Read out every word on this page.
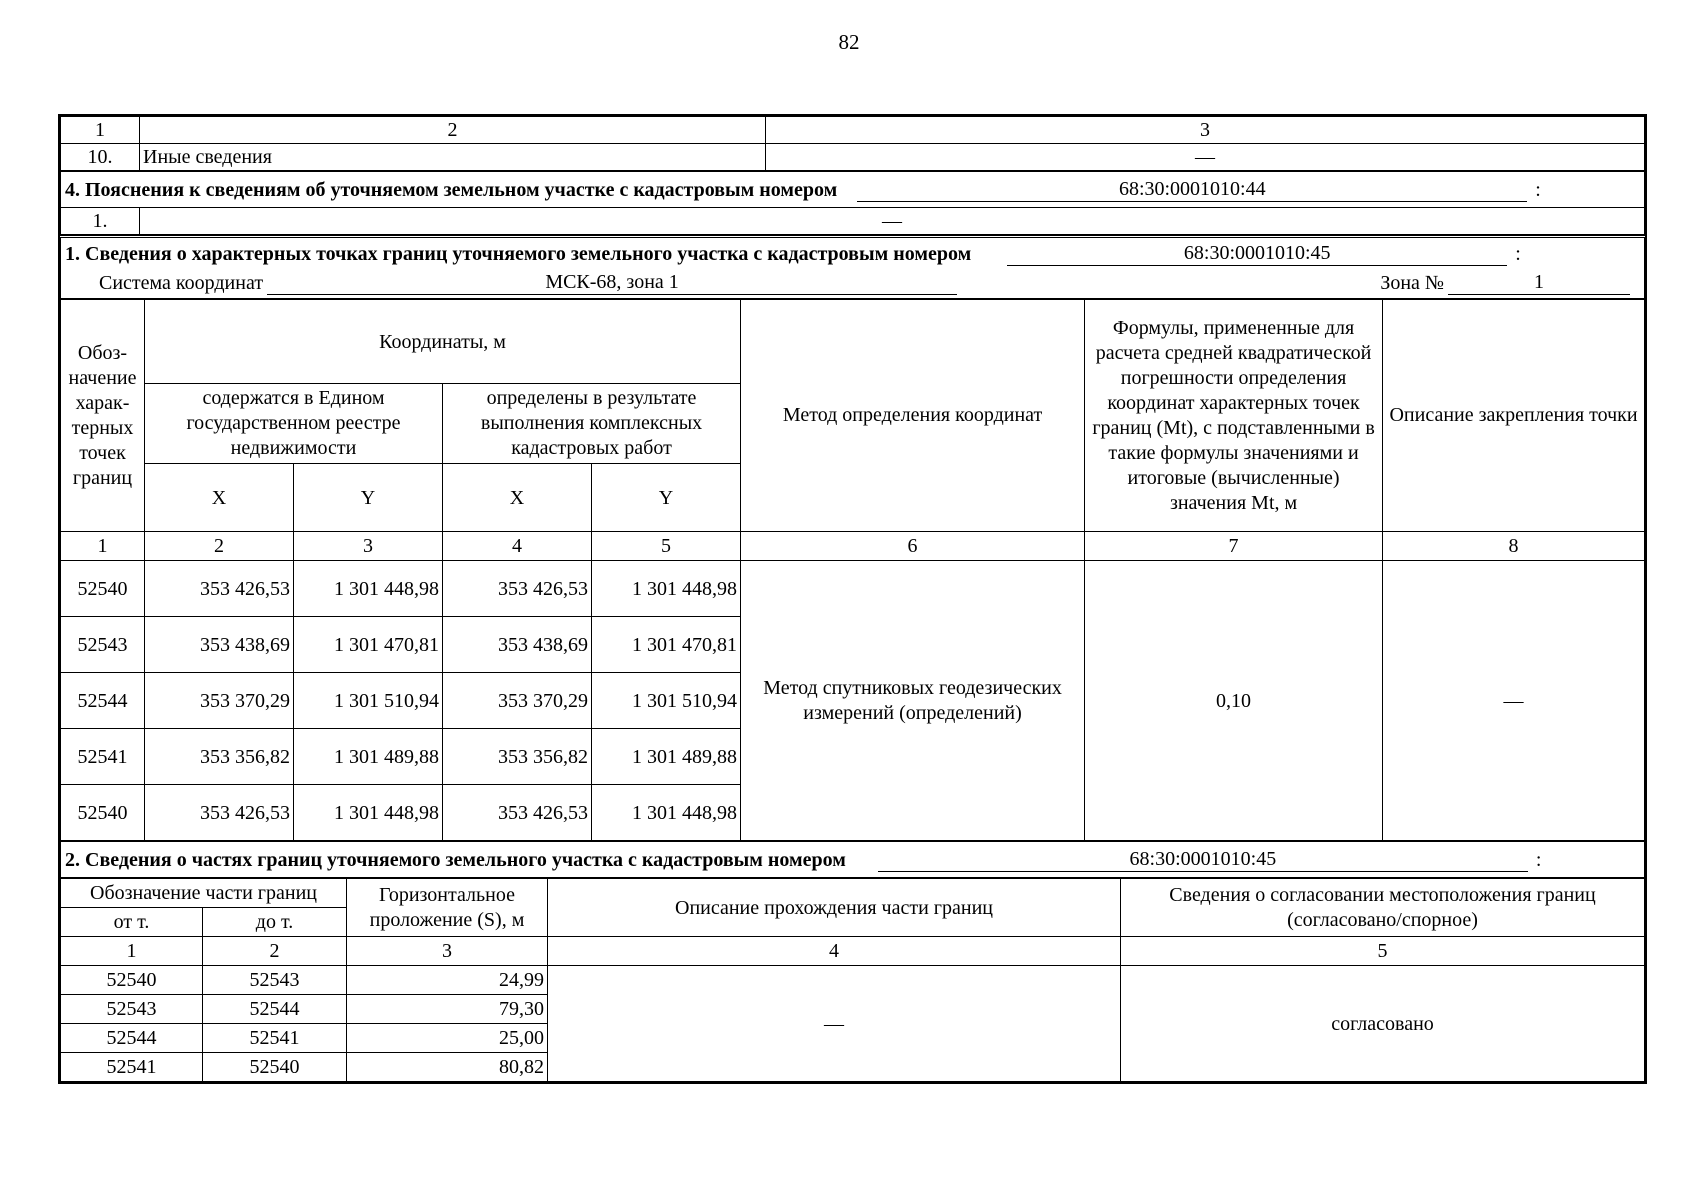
82
1	2	3
10.	Иные сведения	—
4. Пояснения к сведениям об уточняемом земельном участке с кадастровым номером	68:30:0001010:44	:

1.	—
1. Сведения о характерных точках границ уточняемого земельного участка с кадастровым номером	68:30:0001010:45	:
Система координат	МСК-68, зона 1	Зона №	1
Обоз-начение харак-терных точек границ	Координаты, м				Метод определения координат	Формулы, примененные для расчета средней квадратической погрешности определения координат характерных точек границ (Mt), с подставленными в такие формулы значениями и итоговые (вычисленные) значения Mt, м	Описание закрепления точки
	содержатся в Едином государственном реестре недвижимости		определены в результате выполнения комплексных кадастровых работ				
	X	Y	X	Y			
1	2	3	4	5	6	7	8
52540	353 426,53	1 301 448,98	353 426,53	1 301 448,98	Метод спутниковых геодезических измерений (определений)	0,10	—
52543	353 438,69	1 301 470,81	353 438,69	1 301 470,81			
52544	353 370,29	1 301 510,94	353 370,29	1 301 510,94			
52541	353 356,82	1 301 489,88	353 356,82	1 301 489,88			
52540	353 426,53	1 301 448,98	353 426,53	1 301 448,98			
2. Сведения о частях границ уточняемого земельного участка с кадастровым номером	68:30:0001010:45	:
Обозначение части границ		Горизонтальное проложение (S), м	Описание прохождения части границ	Сведения о согласовании местоположения границ (согласовано/спорное)
от т.	до т.			
1	2	3	4	5
52540	52543	24,99	—	согласовано
52543	52544	79,30		
52544	52541	25,00		
52541	52540	80,82		
